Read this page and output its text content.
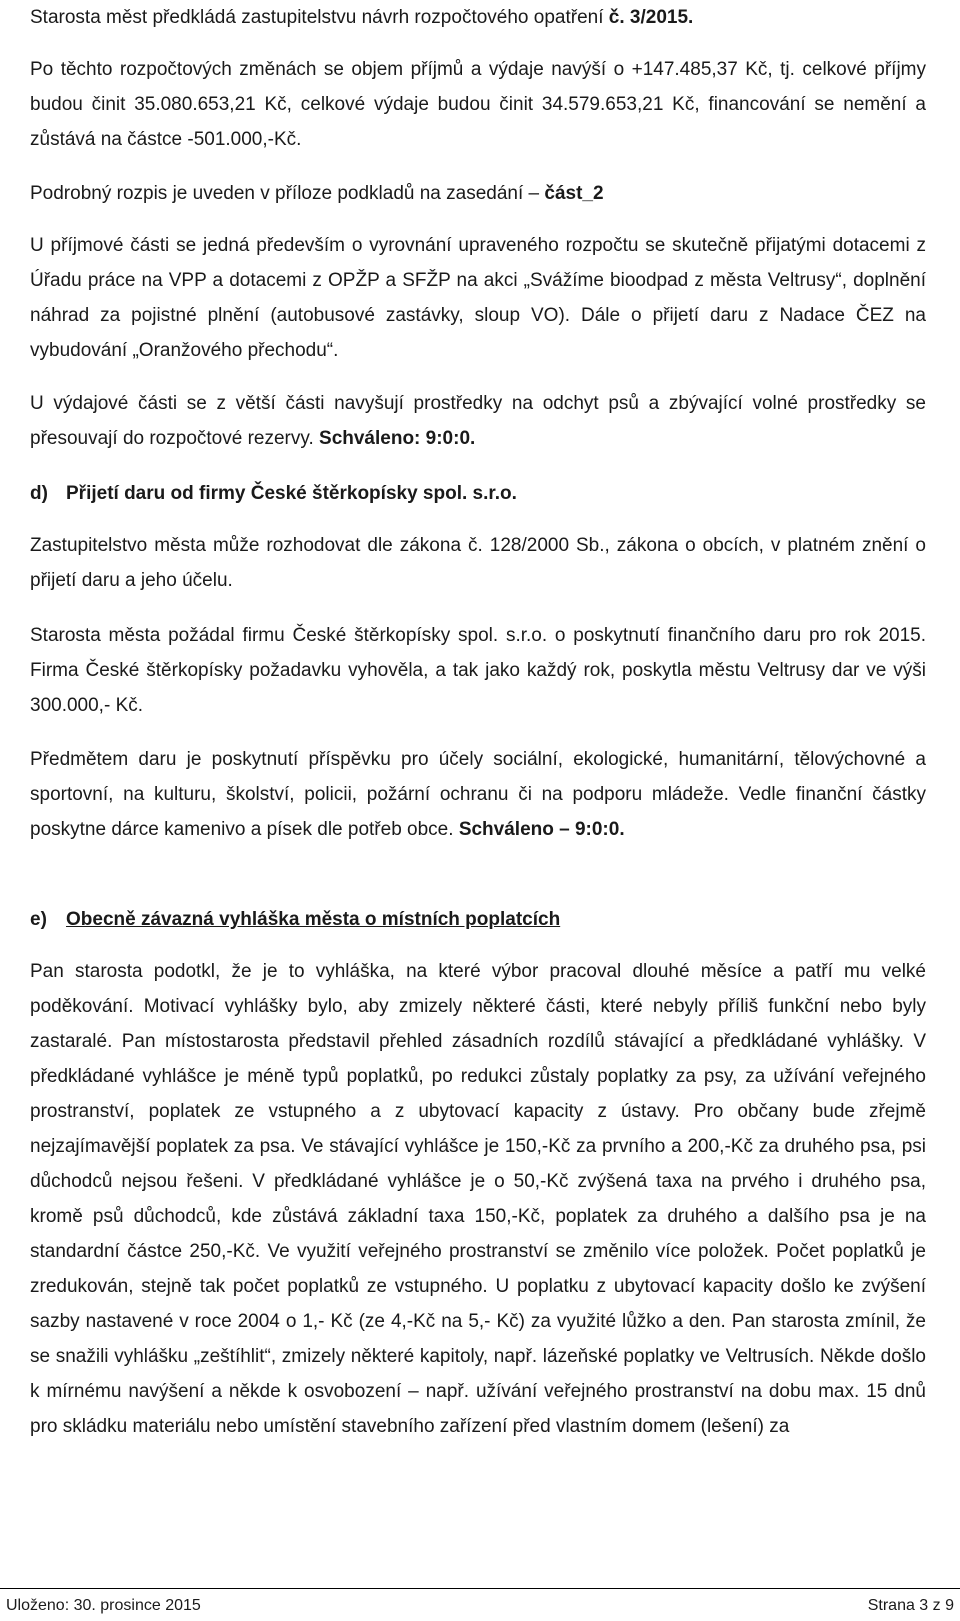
Starosta měst předkládá zastupitelstvu návrh rozpočtového opatření č. 3/2015.
Po těchto rozpočtových změnách se objem příjmů a výdaje navýší o +147.485,37 Kč, tj. celkové příjmy budou činit 35.080.653,21 Kč, celkové výdaje budou činit 34.579.653,21 Kč, financování se nemění a zůstává na částce -501.000,-Kč.
Podrobný rozpis je uveden v příloze podkladů na zasedání – část_2
U příjmové části se jedná především o vyrovnání upraveného rozpočtu se skutečně přijatými dotacemi z Úřadu práce na VPP a dotacemi z OPŽP a SFŽP na akci „Svážíme bioodpad z města Veltrusy“, doplnění náhrad za pojistné plnění (autobusové zastávky, sloup VO). Dále o přijetí daru z Nadace ČEZ na vybudování „Oranžového přechodu“.
U výdajové části se z větší části navyšují prostředky na odchyt psů a zbývající volné prostředky se přesouvají do rozpočtové rezervy. Schváleno: 9:0:0.
d) Přijetí daru od firmy České štěrkopísky spol. s.r.o.
Zastupitelstvo města může rozhodovat dle zákona č. 128/2000 Sb., zákona o obcích, v platném znění o přijetí daru a jeho účelu.
Starosta města požádal firmu České štěrkopísky spol. s.r.o. o poskytnutí finančního daru pro rok 2015. Firma České štěrkopísky požadavku vyhověla, a tak jako každý rok, poskytla městu Veltrusy dar ve výši 300.000,- Kč.
Předmětem daru je poskytnutí příspěvku pro účely sociální, ekologické, humanitární, tělovýchovné a sportovní, na kulturu, školství, policii, požární ochranu či na podporu mládeže. Vedle finanční částky poskytne dárce kamenivo a písek dle potřeb obce. Schváleno – 9:0:0.
e) Obecně závazná vyhláška města o místních poplatcích
Pan starosta podotkl, že je to vyhláška, na které výbor pracoval dlouhé měsíce a patří mu velké poděkování. Motivací vyhlášky bylo, aby zmizely některé části, které nebyly příliš funkční nebo byly zastaralé. Pan místostarosta představil přehled zásadních rozdílů stávající a předkládané vyhlášky. V předkládané vyhlášce je méně typů poplatků, po redukci zůstaly poplatky za psy, za užívání veřejného prostranství, poplatek ze vstupného a z ubytovací kapacity z ústavy. Pro občany bude zřejmě nejzajímavější poplatek za psa. Ve stávající vyhlášce je 150,-Kč za prvního a 200,-Kč za druhého psa, psi důchodců nejsou řešeni. V předkládané vyhlášce je o 50,-Kč zvýšená taxa na prvého i druhého psa, kromě psů důchodců, kde zůstává základní taxa 150,-Kč, poplatek za druhého a dalšího psa je na standardní částce 250,-Kč. Ve využití veřejného prostranství se změnilo více položek. Počet poplatků je zredukován, stejně tak počet poplatků ze vstupného. U poplatku z ubytovací kapacity došlo ke zvýšení sazby nastavené v roce 2004 o 1,- Kč (ze 4,-Kč na 5,- Kč) za využité lůžko a den. Pan starosta zmínil, že se snažili vyhlášku „zeštíhlit“, zmizely některé kapitoly, např. lázeňské poplatky ve Veltrusích. Někde došlo k mírnému navýšení a někde k osvobození – např. užívání veřejného prostranství na dobu max. 15 dnů pro skládku materiálu nebo umístění stavebního zařízení před vlastním domem (lešení) za
Uloženo: 30. prosince 2015	Strana 3 z 9
